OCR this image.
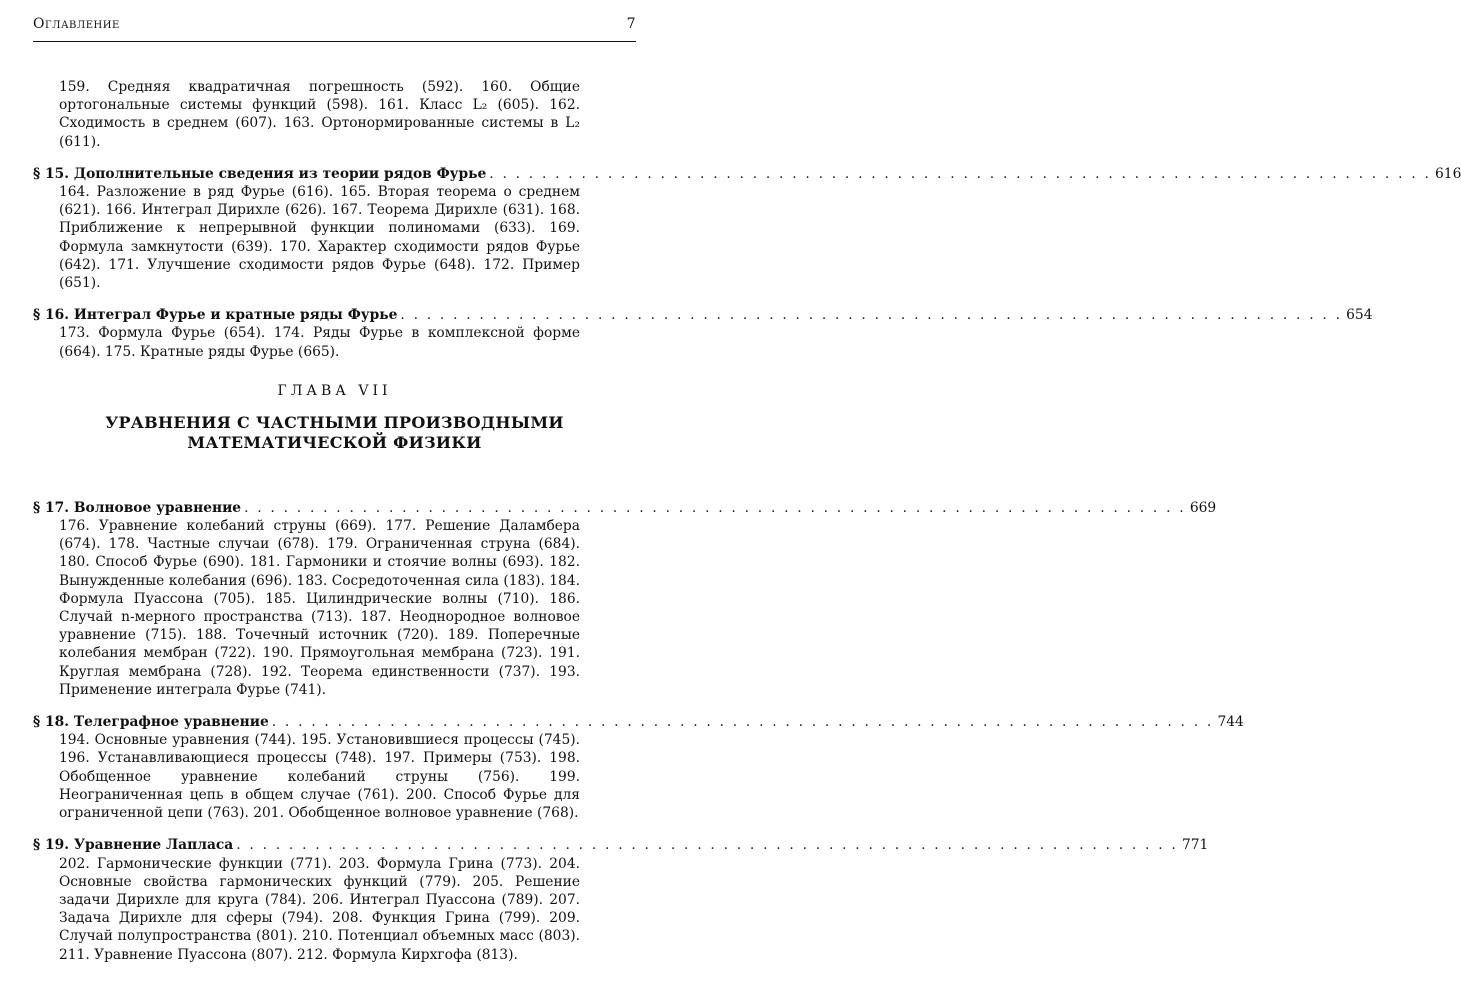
Оглавление	7
159. Средняя квадратичная погрешность (592). 160. Общие ортогональные системы функций (598). 161. Класс L₂ (605). 162. Сходимость в среднем (607). 163. Ортонормированные системы в L₂ (611).
§ 15. Дополнительные сведения из теории рядов Фурье . . . . . . . . . . . . . . . . . . . . . . . . . . . . . . . . . . . . . . . . . . . . . . . . . . . . . . . . . . . . . . . . . . . . . . . . 616
164. Разложение в ряд Фурье (616). 165. Вторая теорема о среднем (621). 166. Интеграл Дирихле (626). 167. Теорема Дирихле (631). 168. Приближение к непрерывной функции полиномами (633). 169. Формула замкнутости (639). 170. Характер сходимости рядов Фурье (642). 171. Улучшение сходимости рядов Фурье (648). 172. Пример (651).
§ 16. Интеграл Фурье и кратные ряды Фурье . . . . . . . . . . . . . . . . . . . . . . . . . . . . . . . . . . . . . . . . . . . . . . . . . . . . . . . . . . . . . . . . . . . . . . . . 654
173. Формула Фурье (654). 174. Ряды Фурье в комплексной форме (664). 175. Кратные ряды Фурье (665).
ГЛАВА VII
УРАВНЕНИЯ С ЧАСТНЫМИ ПРОИЗВОДНЫМИ МАТЕМАТИЧЕСКОЙ ФИЗИКИ
§ 17. Волновое уравнение . . . . . . . . . . . . . . . . . . . . . . . . . . . . . . . . . . . . . . . . . . . . . . . . . . . . . . . . . . . . . . . . . . . . . . . . 669
176. Уравнение колебаний струны (669). 177. Решение Даламбера (674). 178. Частные случаи (678). 179. Ограниченная струна (684). 180. Способ Фурье (690). 181. Гармоники и стоячие волны (693). 182. Вынужденные колебания (696). 183. Сосредоточенная сила (183). 184. Формула Пуассона (705). 185. Цилиндрические волны (710). 186. Случай n-мерного пространства (713). 187. Неоднородное волновое уравнение (715). 188. Точечный источник (720). 189. Поперечные колебания мембран (722). 190. Прямоугольная мембрана (723). 191. Круглая мембрана (728). 192. Теорема единственности (737). 193. Применение интеграла Фурье (741).
§ 18. Телеграфное уравнение . . . . . . . . . . . . . . . . . . . . . . . . . . . . . . . . . . . . . . . . . . . . . . . . . . . . . . . . . . . . . . . . . . . . . . . . 744
194. Основные уравнения (744). 195. Установившиеся процессы (745). 196. Устанавливающиеся процессы (748). 197. Примеры (753). 198. Обобщенное уравнение колебаний струны (756). 199. Неограниченная цепь в общем случае (761). 200. Способ Фурье для ограниченной цепи (763). 201. Обобщенное волновое уравнение (768).
§ 19. Уравнение Лапласа . . . . . . . . . . . . . . . . . . . . . . . . . . . . . . . . . . . . . . . . . . . . . . . . . . . . . . . . . . . . . . . . . . . . . . . . 771
202. Гармонические функции (771). 203. Формула Грина (773). 204. Основные свойства гармонических функций (779). 205. Решение задачи Дирихле для круга (784). 206. Интеграл Пуассона (789). 207. Задача Дирихле для сферы (794). 208. Функция Грина (799). 209. Случай полупространства (801). 210. Потенциал объемных масс (803). 211. Уравнение Пуассона (807). 212. Формула Кирхгофа (813).
